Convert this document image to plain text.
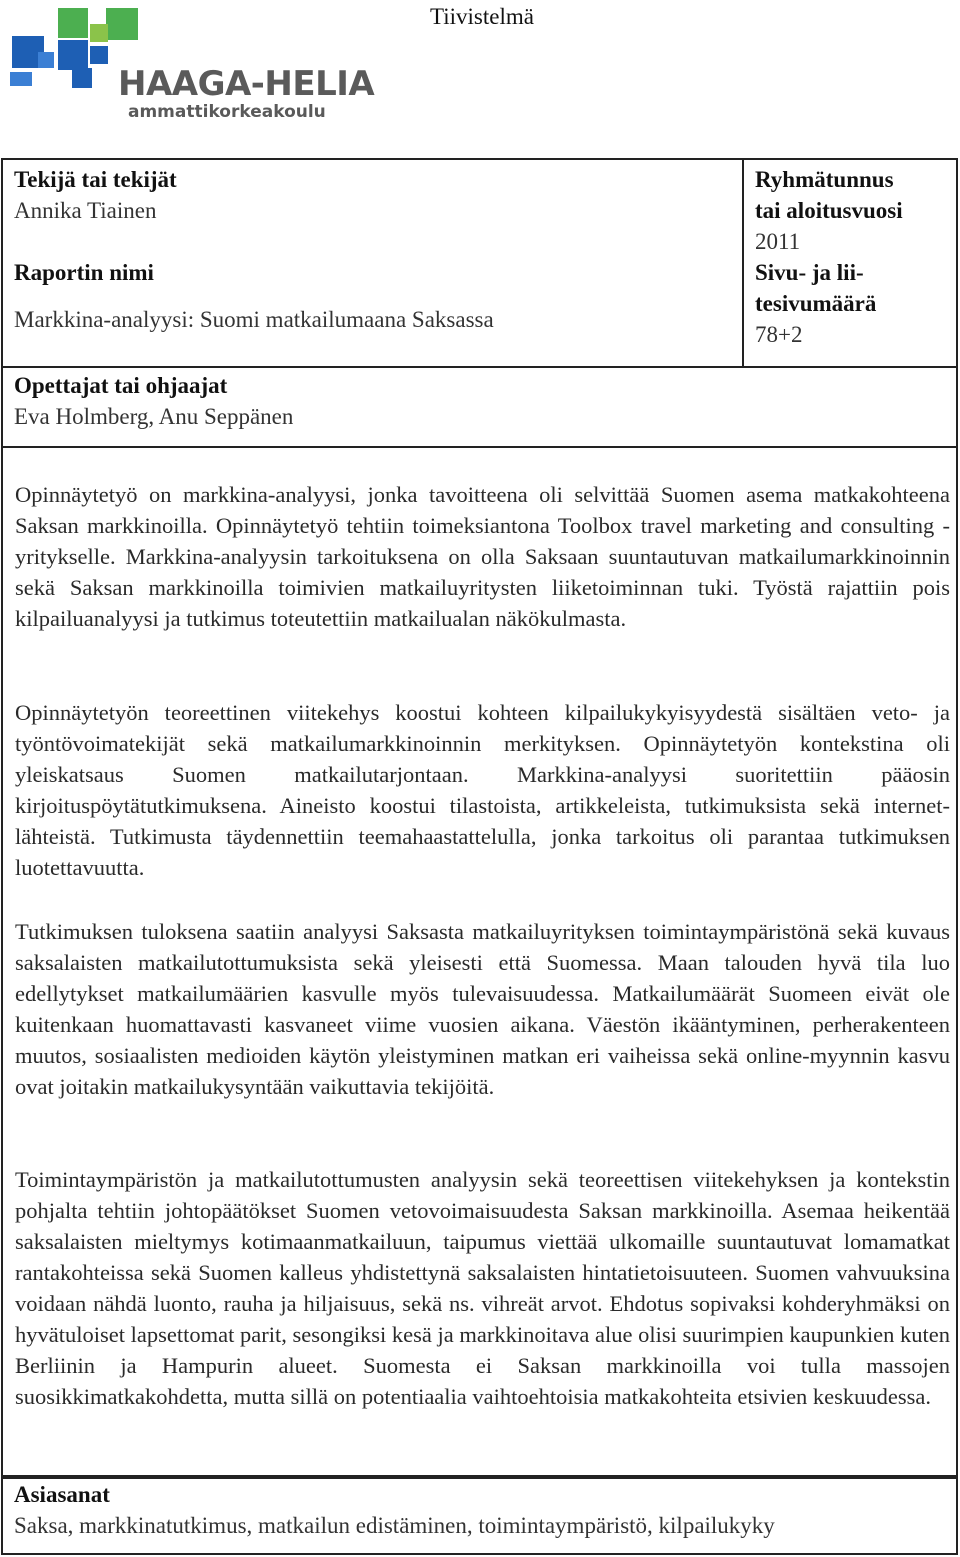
HAAGA-HELIA
ammattikorkeakoulu
Tiivistelmä
Tekijä tai tekijät
Annika Tiainen
Raportin nimi
Markkina-analyysi: Suomi matkailumaana Saksassa
Ryhmätunnus
tai aloitusvuosi
2011
Sivu- ja lii-
tesivumäärä
78+2
Opettajat tai ohjaajat
Eva Holmberg, Anu Seppänen

Opinnäytetyö on markkina-analyysi, jonka tavoitteena oli selvittää Suomen asema matkakohteena Saksan markkinoilla. Opinnäytetyö tehtiin toimeksiantona Toolbox travel marketing and consulting -yritykselle. Markkina-analyysin tarkoituksena on olla Saksaan suuntautuvan matkailumarkkinoinnin sekä Saksan markkinoilla toimivien matkailuyritysten liiketoiminnan tuki. Työstä rajattiin pois kilpailuanalyysi ja tutkimus toteutettiin matkailualan näkökulmasta.

Opinnäytetyön teoreettinen viitekehys koostui kohteen kilpailukykyisyydestä sisältäen veto- ja työntövoimatekijät sekä matkailumarkkinoinnin merkityksen. Opinnäytetyön kontekstina oli yleiskatsaus Suomen matkailutarjontaan. Markkina-analyysi suoritettiin pääosin kirjoituspöytätutkimuksena. Aineisto koostui tilastoista, artikkeleista, tutkimuksista sekä internet-lähteistä. Tutkimusta täydennettiin teemahaastattelulla, jonka tarkoitus oli parantaa tutkimuksen luotettavuutta.

Tutkimuksen tuloksena saatiin analyysi Saksasta matkailuyrityksen toimintaympäristönä sekä kuvaus saksalaisten matkailutottumuksista sekä yleisesti että Suomessa. Maan talouden hyvä tila luo edellytykset matkailumäärien kasvulle myös tulevaisuudessa. Matkailumäärät Suomeen eivät ole kuitenkaan huomattavasti kasvaneet viime vuosien aikana. Väestön ikääntyminen, perherakenteen muutos, sosiaalisten medioiden käytön yleistyminen matkan eri vaiheissa sekä online-myynnin kasvu ovat joitakin matkailukysyntään vaikuttavia tekijöitä.

Toimintaympäristön ja matkailutottumusten analyysin sekä teoreettisen viitekehyksen ja kontekstin pohjalta tehtiin johtopäätökset Suomen vetovoimaisuudesta Saksan markkinoilla. Asemaa heikentää saksalaisten mieltymys kotimaanmatkailuun, taipumus viettää ulkomaille suuntautuvat lomamatkat rantakohteissa sekä Suomen kalleus yhdistettynä saksalaisten hintatietoisuuteen. Suomen vahvuuksina voidaan nähdä luonto, rauha ja hiljaisuus, sekä ns. vihreät arvot. Ehdotus sopivaksi kohderyhmäksi on hyvätuloiset lapsettomat parit, sesongiksi kesä ja markkinoitava alue olisi suurimpien kaupunkien kuten Berliinin ja Hampurin alueet. Suomesta ei Saksan markkinoilla voi tulla massojen suosikkimatkakohdetta, mutta sillä on potentiaalia vaihtoehtoisia matkakohteita etsivien keskuudessa.

Asiasanat
Saksa, markkinatutkimus, matkailun edistäminen, toimintaympäristö, kilpailukyky
